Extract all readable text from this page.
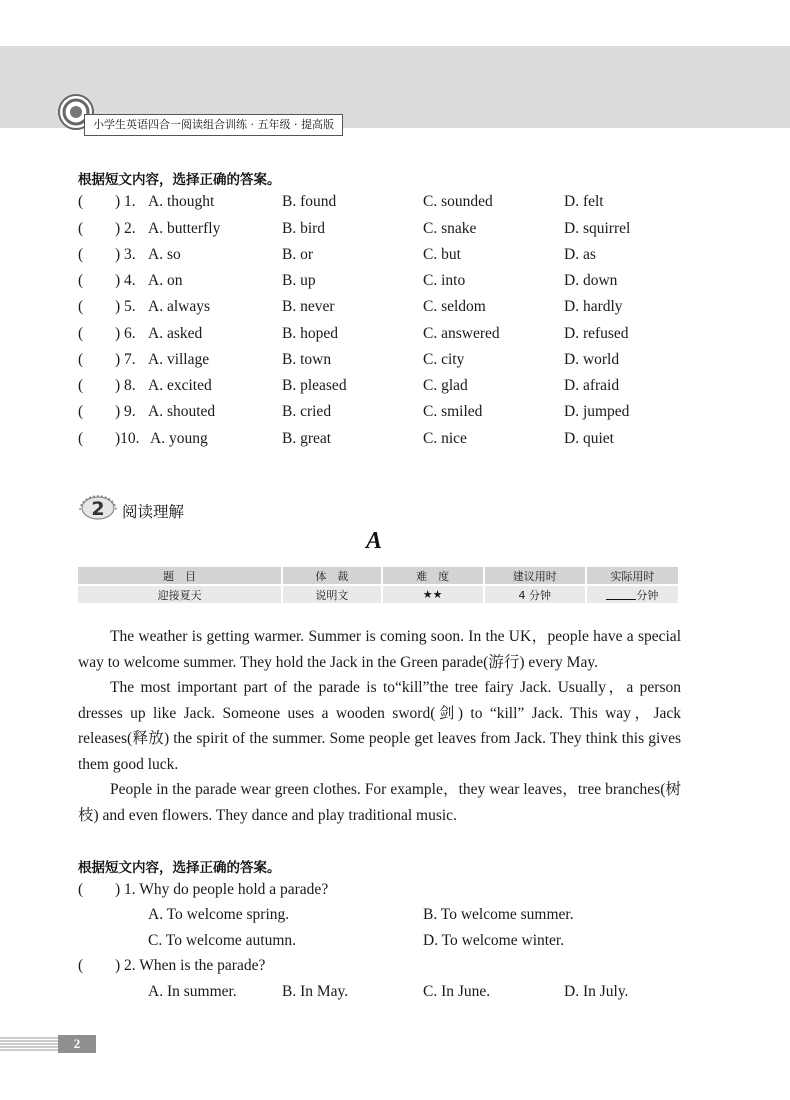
小学生英语四合一阅读组合训练 · 五年级 · 提高版
根据短文内容，选择正确的答案。
( ) 1. A. thought	B. found	C. sounded	D. felt
( ) 2. A. butterfly	B. bird	C. snake	D. squirrel
( ) 3. A. so	B. or	C. but	D. as
( ) 4. A. on	B. up	C. into	D. down
( ) 5. A. always	B. never	C. seldom	D. hardly
( ) 6. A. asked	B. hoped	C. answered	D. refused
( ) 7. A. village	B. town	C. city	D. world
( ) 8. A. excited	B. pleased	C. glad	D. afraid
( ) 9. A. shouted	B. cried	C. smiled	D. jumped
( )10. A. young	B. great	C. nice	D. quiet
2 阅读理解
A
题　目	体　裁	难　度	建议用时	实际用时
迎接夏天	说明文	★★	4 分钟	分钟

The weather is getting warmer. Summer is coming soon. In the UK，people have a special way to welcome summer. They hold the Jack in the Green parade(游行) every May.

The most important part of the parade is to“kill”the tree fairy Jack. Usually，a person dresses up like Jack. Someone uses a wooden sword(剑) to “kill” Jack. This way，Jack releases(释放) the spirit of the summer. Some people get leaves from Jack. They think this gives them good luck.

People in the parade wear green clothes. For example，they wear leaves，tree branches(树枝) and even flowers. They dance and play traditional music.

根据短文内容，选择正确的答案。
( ) 1. Why do people hold a parade?
A. To welcome spring.	B. To welcome summer.
C. To welcome autumn.	D. To welcome winter.
( ) 2. When is the parade?
A. In summer.	B. In May.	C. In June.	D. In July.
2
